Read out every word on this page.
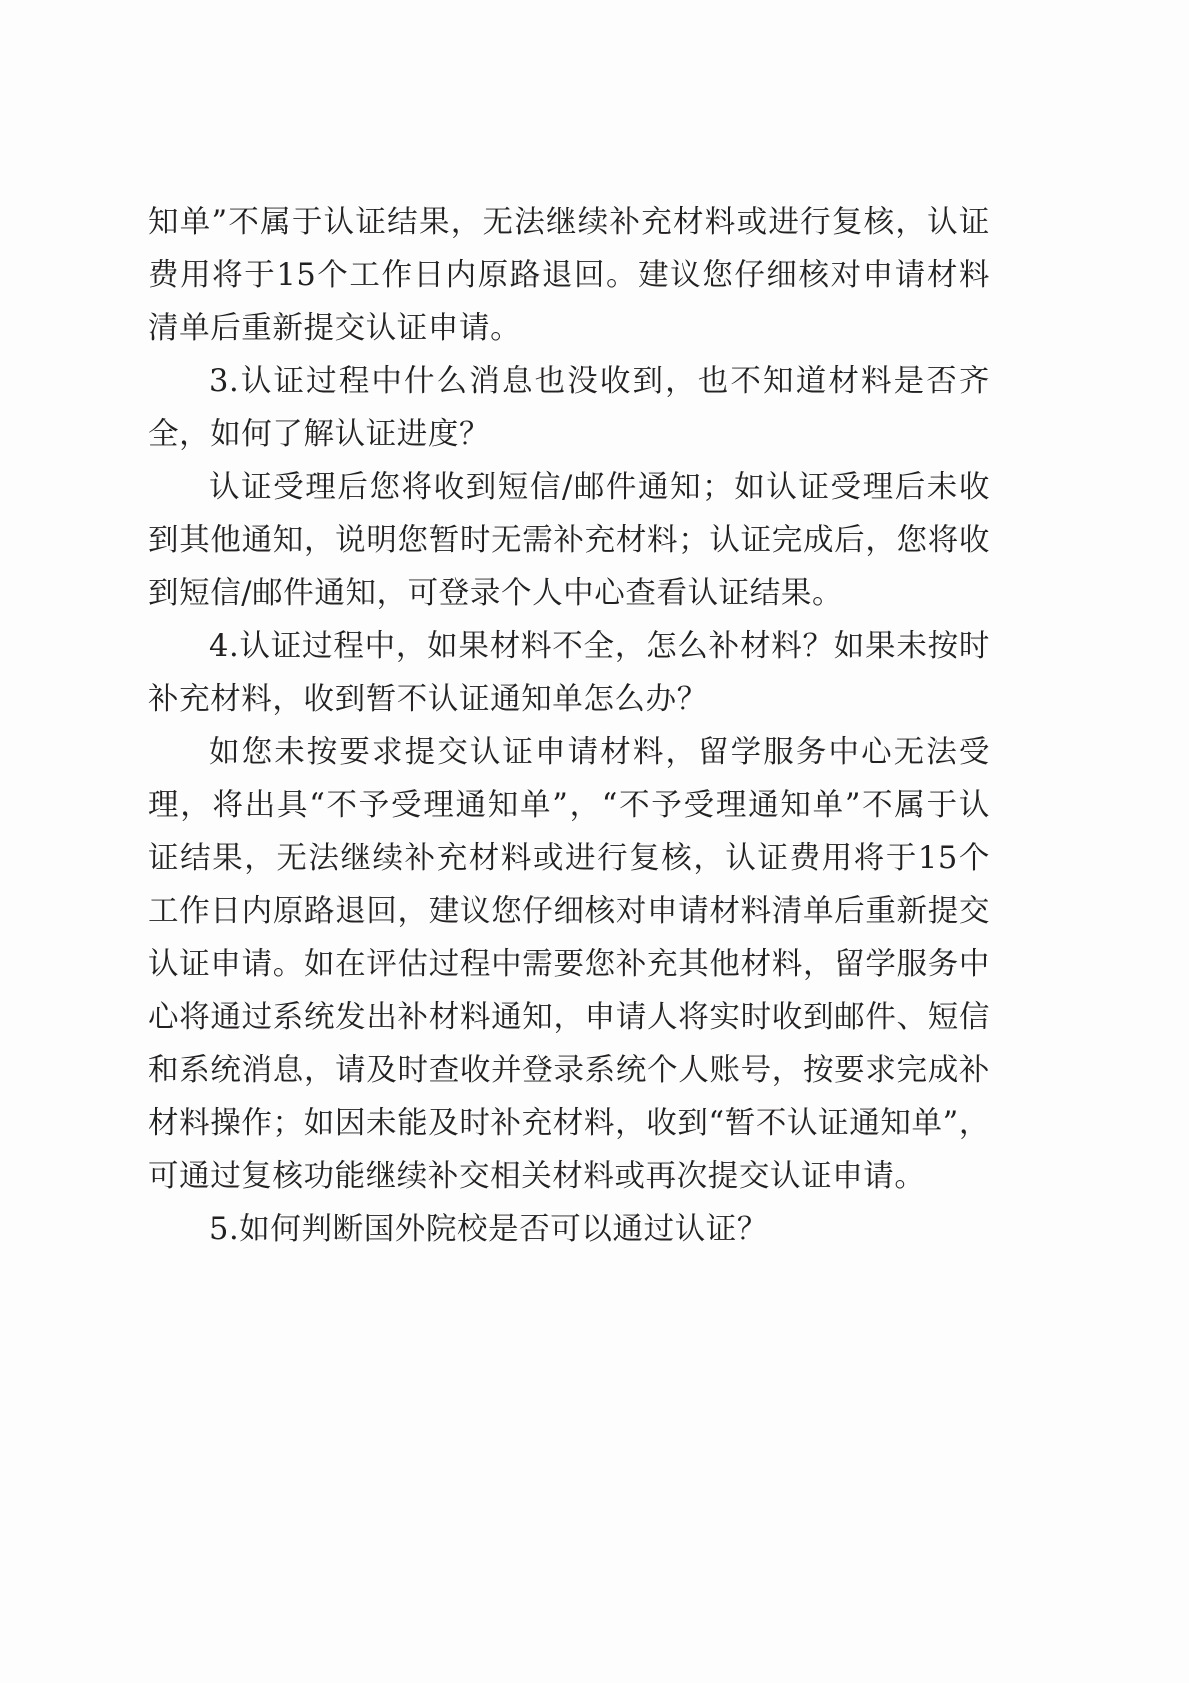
知单”不属于认证结果，无法继续补充材料或进行复核，认证费用将于15个工作日内原路退回。建议您仔细核对申请材料清单后重新提交认证申请。

3.认证过程中什么消息也没收到，也不知道材料是否齐全，如何了解认证进度？

认证受理后您将收到短信/邮件通知；如认证受理后未收到其他通知，说明您暂时无需补充材料；认证完成后，您将收到短信/邮件通知，可登录个人中心查看认证结果。

4.认证过程中，如果材料不全，怎么补材料？如果未按时补充材料，收到暂不认证通知单怎么办？

如您未按要求提交认证申请材料，留学服务中心无法受理，将出具“不予受理通知单”，“不予受理通知单”不属于认证结果，无法继续补充材料或进行复核，认证费用将于15个工作日内原路退回，建议您仔细核对申请材料清单后重新提交认证申请。如在评估过程中需要您补充其他材料，留学服务中心将通过系统发出补材料通知，申请人将实时收到邮件、短信和系统消息，请及时查收并登录系统个人账号，按要求完成补材料操作；如因未能及时补充材料，收到“暂不认证通知单”，可通过复核功能继续补交相关材料或再次提交认证申请。

5.如何判断国外院校是否可以通过认证？
